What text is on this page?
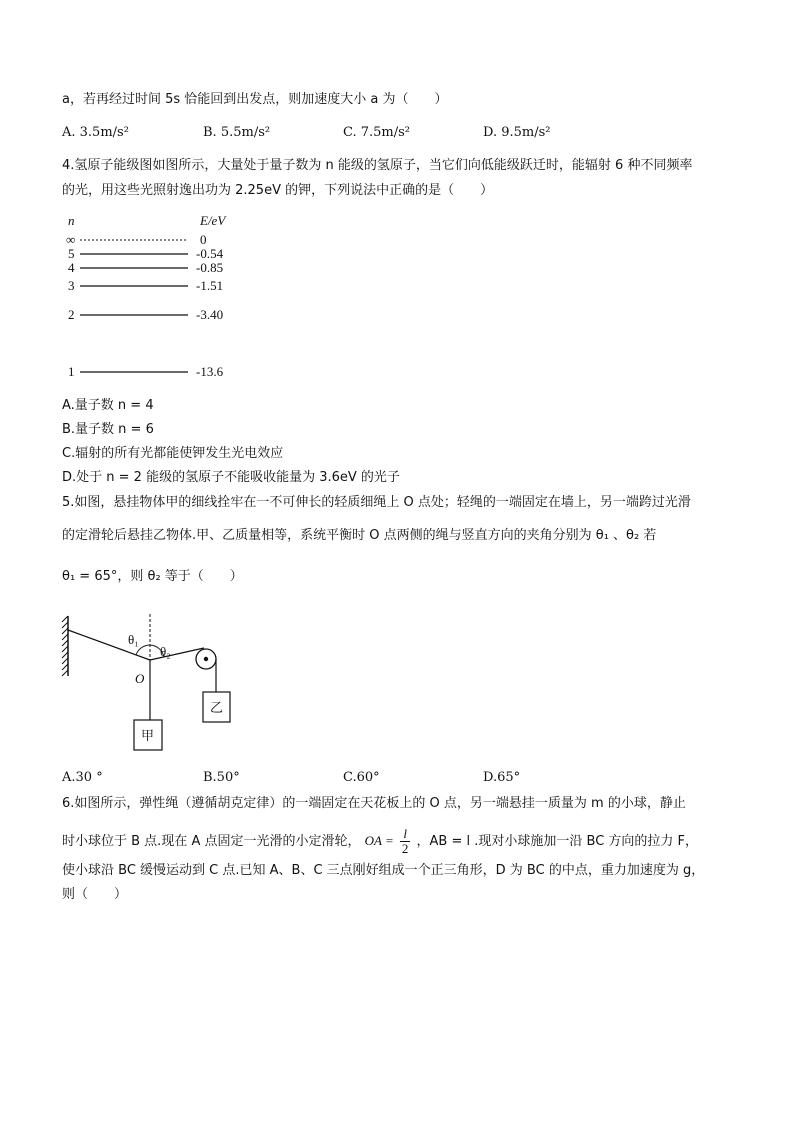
a，若再经过时间 5s 恰能回到出发点，则加速度大小 a 为（　　）
A. 3.5m/s²	B. 5.5m/s²	C. 7.5m/s²	D. 9.5m/s²
4.氢原子能级图如图所示，大量处于量子数为 n 能级的氢原子，当它们向低能级跃迁时，能辐射 6 种不同频率
的光，用这些光照射逸出功为 2.25eV 的钾，下列说法中正确的是（　　）
n	E/eV
∞	0
5	-0.54
4	-0.85
3	-1.51
2	-3.40
1	-13.6
A.量子数 n = 4
B.量子数 n = 6
C.辐射的所有光都能使钾发生光电效应
D.处于 n = 2 能级的氢原子不能吸收能量为 3.6eV 的光子
5.如图，悬挂物体甲的细线拴牢在一不可伸长的轻质细绳上 O 点处；轻绳的一端固定在墙上，另一端跨过光滑
的定滑轮后悬挂乙物体.甲、乙质量相等，系统平衡时 O 点两侧的绳与竖直方向的夹角分别为 θ₁ 、θ₂ 若
θ₁ = 65°，则 θ₂ 等于（　　）
θ₁
θ₂
乙
O
甲
A.30 °	B.50°	C.60°	D.65°
6.如图所示，弹性绳（遵循胡克定律）的一端固定在天花板上的 O 点，另一端悬挂一质量为 m 的小球，静止
时小球位于 B 点.现在 A 点固定一光滑的小定滑轮， OA = $\frac{l}{2}$ ，AB = l .现对小球施加一沿 BC 方向的拉力 F，
使小球沿 BC 缓慢运动到 C 点.已知 A、B、C 三点刚好组成一个正三角形，D 为 BC 的中点，重力加速度为 g，
则（　　）
